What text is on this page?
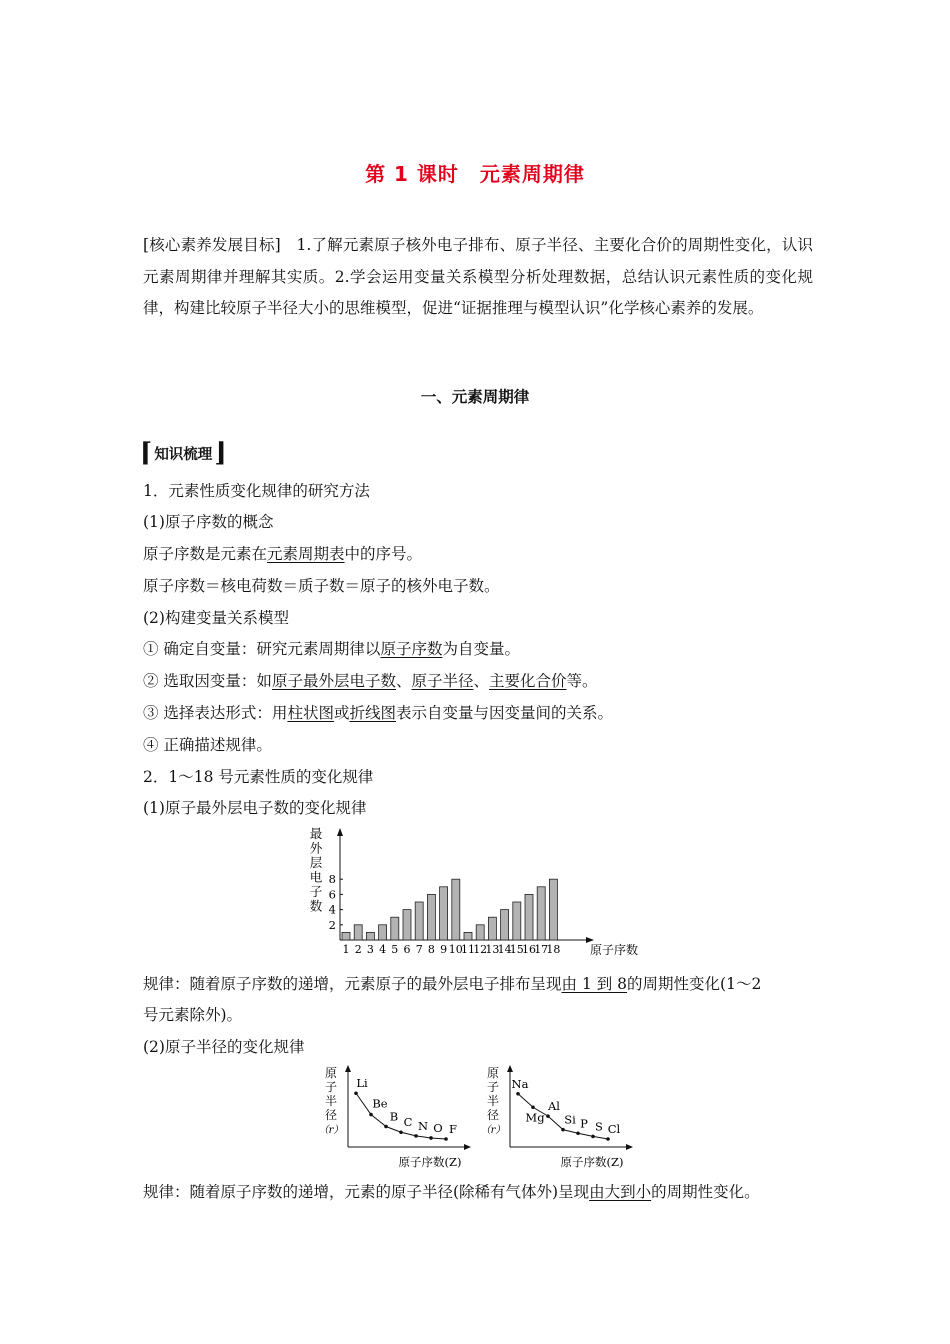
第 1 课时　元素周期律
[核心素养发展目标]　1.了解元素原子核外电子排布、原子半径、主要化合价的周期性变化，认识元素周期律并理解其实质。2.学会运用变量关系模型分析处理数据，总结认识元素性质的变化规律，构建比较原子半径大小的思维模型，促进“证据推理与模型认识”化学核心素养的发展。
一、元素周期律
⌈ 知识梳理 ⌋
1．元素性质变化规律的研究方法
(1)原子序数的概念
原子序数是元素在元素周期表中的序号。
原子序数＝核电荷数＝质子数＝原子的核外电子数。
(2)构建变量关系模型
① 确定自变量：研究元素周期律以原子序数为自变量。
② 选取因变量：如原子最外层电子数、原子半径、主要化合价等。
③ 选择表达形式：用柱状图或折线图表示自变量与因变量间的关系。
④ 正确描述规律。
2．1～18 号元素性质的变化规律
(1)原子最外层电子数的变化规律
最
外
层
电
子
数
2
4
6
8
1 2 3 4 5 6 7 8 9 10
11
12
13
14
15
16
17
18 原子序数
规律：随着原子序数的递增，元素原子的最外层电子排布呈现由 1 到 8的周期性变化(1～2
号元素除外)。
(2)原子半径的变化规律
原
子
半
径
（r）
原子序数(Z)
Li
Be
B C N O F
原
子
半
径
（r）
原子序数(Z)
Na
Mg
Al
Si P S Cl
规律：随着原子序数的递增，元素的原子半径(除稀有气体外)呈现由大到小的周期性变化。
